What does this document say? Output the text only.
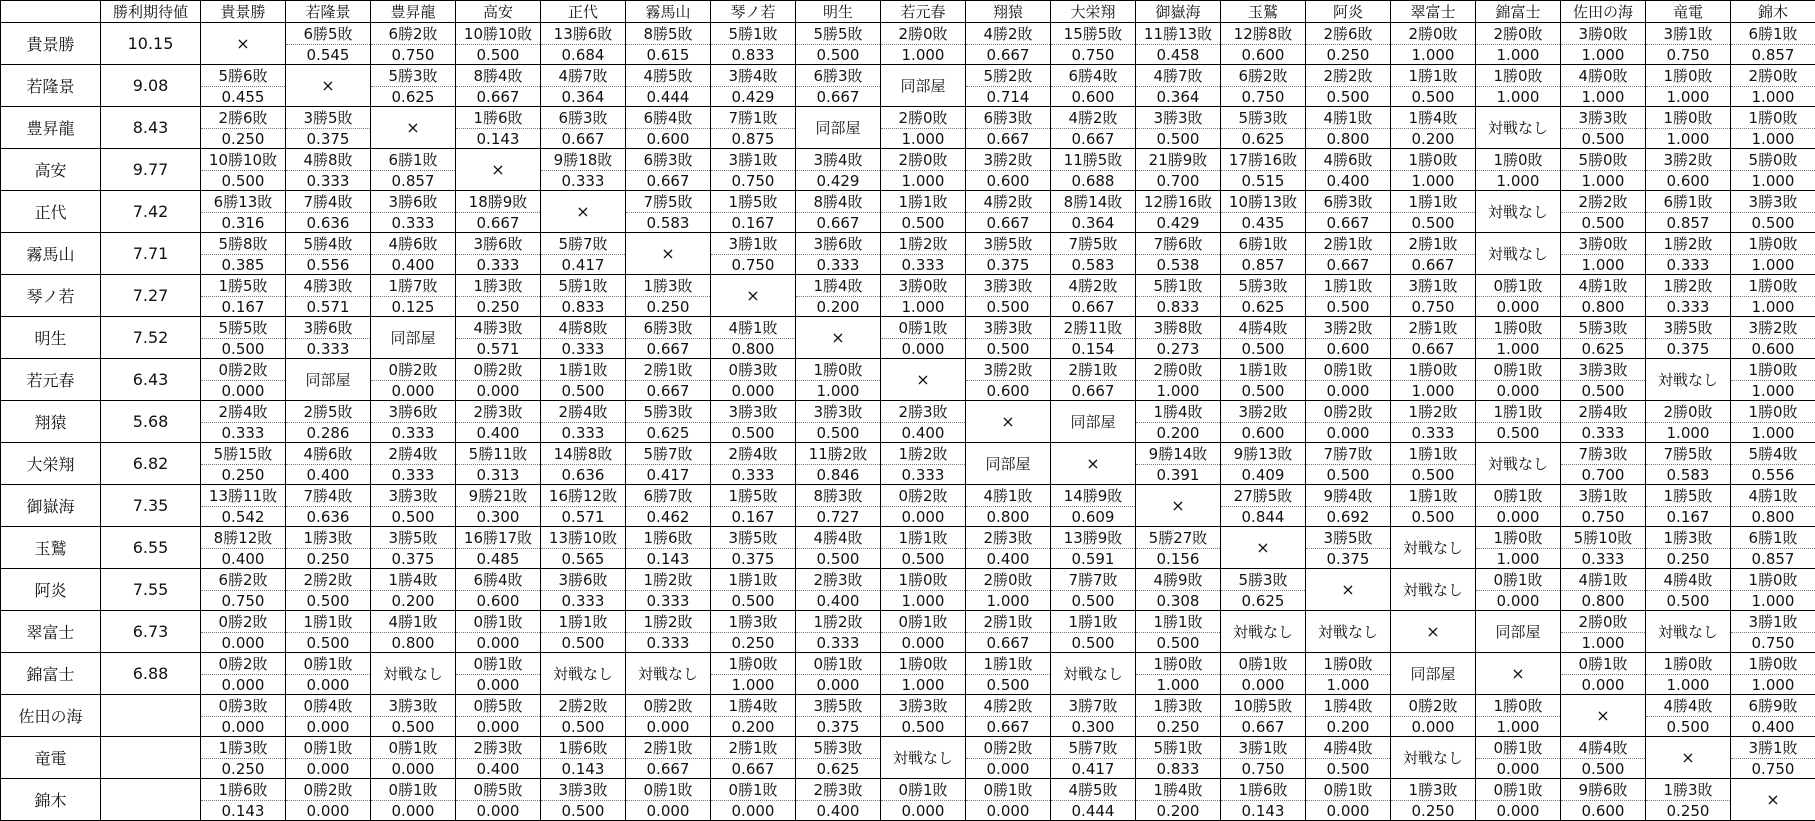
	勝利期待値	貴景勝	若隆景	豊昇龍	高安	正代	霧馬山	琴ノ若	明生	若元春	翔猿	大栄翔	御嶽海	玉鷲	阿炎	翠富士	錦富士	佐田の海	竜電	錦木
貴景勝	10.15	×	6勝5敗	6勝2敗	10勝10敗	13勝6敗	8勝5敗	5勝1敗	5勝5敗	2勝0敗	4勝2敗	15勝5敗	11勝13敗	12勝8敗	2勝6敗	2勝0敗	2勝0敗	3勝0敗	3勝1敗	6勝1敗
			0.545	0.750	0.500	0.684	0.615	0.833	0.500	1.000	0.667	0.750	0.458	0.600	0.250	1.000	1.000	1.000	0.750	0.857
若隆景	9.08	5勝6敗	×	5勝3敗	8勝4敗	4勝7敗	4勝5敗	3勝4敗	6勝3敗	同部屋	5勝2敗	6勝4敗	4勝7敗	6勝2敗	2勝2敗	1勝1敗	1勝0敗	4勝0敗	1勝0敗	2勝0敗
		0.455		0.625	0.667	0.364	0.444	0.429	0.667		0.714	0.600	0.364	0.750	0.500	0.500	1.000	1.000	1.000	1.000
豊昇龍	8.43	2勝6敗	3勝5敗	×	1勝6敗	6勝3敗	6勝4敗	7勝1敗	同部屋	2勝0敗	6勝3敗	4勝2敗	3勝3敗	5勝3敗	4勝1敗	1勝4敗	対戦なし	3勝3敗	1勝0敗	1勝0敗
		0.250	0.375		0.143	0.667	0.600	0.875		1.000	0.667	0.667	0.500	0.625	0.800	0.200		0.500	1.000	1.000
高安	9.77	10勝10敗	4勝8敗	6勝1敗	×	9勝18敗	6勝3敗	3勝1敗	3勝4敗	2勝0敗	3勝2敗	11勝5敗	21勝9敗	17勝16敗	4勝6敗	1勝0敗	1勝0敗	5勝0敗	3勝2敗	5勝0敗
		0.500	0.333	0.857		0.333	0.667	0.750	0.429	1.000	0.600	0.688	0.700	0.515	0.400	1.000	1.000	1.000	0.600	1.000
正代	7.42	6勝13敗	7勝4敗	3勝6敗	18勝9敗	×	7勝5敗	1勝5敗	8勝4敗	1勝1敗	4勝2敗	8勝14敗	12勝16敗	10勝13敗	6勝3敗	1勝1敗	対戦なし	2勝2敗	6勝1敗	3勝3敗
		0.316	0.636	0.333	0.667		0.583	0.167	0.667	0.500	0.667	0.364	0.429	0.435	0.667	0.500		0.500	0.857	0.500
霧馬山	7.71	5勝8敗	5勝4敗	4勝6敗	3勝6敗	5勝7敗	×	3勝1敗	3勝6敗	1勝2敗	3勝5敗	7勝5敗	7勝6敗	6勝1敗	2勝1敗	2勝1敗	対戦なし	3勝0敗	1勝2敗	1勝0敗
		0.385	0.556	0.400	0.333	0.417		0.750	0.333	0.333	0.375	0.583	0.538	0.857	0.667	0.667		1.000	0.333	1.000
琴ノ若	7.27	1勝5敗	4勝3敗	1勝7敗	1勝3敗	5勝1敗	1勝3敗	×	1勝4敗	3勝0敗	3勝3敗	4勝2敗	5勝1敗	5勝3敗	1勝1敗	3勝1敗	0勝1敗	4勝1敗	1勝2敗	1勝0敗
		0.167	0.571	0.125	0.250	0.833	0.250		0.200	1.000	0.500	0.667	0.833	0.625	0.500	0.750	0.000	0.800	0.333	1.000
明生	7.52	5勝5敗	3勝6敗	同部屋	4勝3敗	4勝8敗	6勝3敗	4勝1敗	×	0勝1敗	3勝3敗	2勝11敗	3勝8敗	4勝4敗	3勝2敗	2勝1敗	1勝0敗	5勝3敗	3勝5敗	3勝2敗
		0.500	0.333		0.571	0.333	0.667	0.800		0.000	0.500	0.154	0.273	0.500	0.600	0.667	1.000	0.625	0.375	0.600
若元春	6.43	0勝2敗	同部屋	0勝2敗	0勝2敗	1勝1敗	2勝1敗	0勝3敗	1勝0敗	×	3勝2敗	2勝1敗	2勝0敗	1勝1敗	0勝1敗	1勝0敗	0勝1敗	3勝3敗	対戦なし	1勝0敗
		0.000		0.000	0.000	0.500	0.667	0.000	1.000		0.600	0.667	1.000	0.500	0.000	1.000	0.000	0.500		1.000
翔猿	5.68	2勝4敗	2勝5敗	3勝6敗	2勝3敗	2勝4敗	5勝3敗	3勝3敗	3勝3敗	2勝3敗	×	同部屋	1勝4敗	3勝2敗	0勝2敗	1勝2敗	1勝1敗	2勝4敗	2勝0敗	1勝0敗
		0.333	0.286	0.333	0.400	0.333	0.625	0.500	0.500	0.400			0.200	0.600	0.000	0.333	0.500	0.333	1.000	1.000
大栄翔	6.82	5勝15敗	4勝6敗	2勝4敗	5勝11敗	14勝8敗	5勝7敗	2勝4敗	11勝2敗	1勝2敗	同部屋	×	9勝14敗	9勝13敗	7勝7敗	1勝1敗	対戦なし	7勝3敗	7勝5敗	5勝4敗
		0.250	0.400	0.333	0.313	0.636	0.417	0.333	0.846	0.333			0.391	0.409	0.500	0.500		0.700	0.583	0.556
御嶽海	7.35	13勝11敗	7勝4敗	3勝3敗	9勝21敗	16勝12敗	6勝7敗	1勝5敗	8勝3敗	0勝2敗	4勝1敗	14勝9敗	×	27勝5敗	9勝4敗	1勝1敗	0勝1敗	3勝1敗	1勝5敗	4勝1敗
		0.542	0.636	0.500	0.300	0.571	0.462	0.167	0.727	0.000	0.800	0.609		0.844	0.692	0.500	0.000	0.750	0.167	0.800
玉鷲	6.55	8勝12敗	1勝3敗	3勝5敗	16勝17敗	13勝10敗	1勝6敗	3勝5敗	4勝4敗	1勝1敗	2勝3敗	13勝9敗	5勝27敗	×	3勝5敗	対戦なし	1勝0敗	5勝10敗	1勝3敗	6勝1敗
		0.400	0.250	0.375	0.485	0.565	0.143	0.375	0.500	0.500	0.400	0.591	0.156		0.375		1.000	0.333	0.250	0.857
阿炎	7.55	6勝2敗	2勝2敗	1勝4敗	6勝4敗	3勝6敗	1勝2敗	1勝1敗	2勝3敗	1勝0敗	2勝0敗	7勝7敗	4勝9敗	5勝3敗	×	対戦なし	0勝1敗	4勝1敗	4勝4敗	1勝0敗
		0.750	0.500	0.200	0.600	0.333	0.333	0.500	0.400	1.000	1.000	0.500	0.308	0.625			0.000	0.800	0.500	1.000
翠富士	6.73	0勝2敗	1勝1敗	4勝1敗	0勝1敗	1勝1敗	1勝2敗	1勝3敗	1勝2敗	0勝1敗	2勝1敗	1勝1敗	1勝1敗	対戦なし	対戦なし	×	同部屋	2勝0敗	対戦なし	3勝1敗
		0.000	0.500	0.800	0.000	0.500	0.333	0.250	0.333	0.000	0.667	0.500	0.500					1.000		0.750
錦富士	6.88	0勝2敗	0勝1敗	対戦なし	0勝1敗	対戦なし	対戦なし	1勝0敗	0勝1敗	1勝0敗	1勝1敗	対戦なし	1勝0敗	0勝1敗	1勝0敗	同部屋	×	0勝1敗	1勝0敗	1勝0敗
		0.000	0.000		0.000			1.000	0.000	1.000	0.500		1.000	0.000	1.000			0.000	1.000	1.000
佐田の海		0勝3敗	0勝4敗	3勝3敗	0勝5敗	2勝2敗	0勝2敗	1勝4敗	3勝5敗	3勝3敗	4勝2敗	3勝7敗	1勝3敗	10勝5敗	1勝4敗	0勝2敗	1勝0敗	×	4勝4敗	6勝9敗
		0.000	0.000	0.500	0.000	0.500	0.000	0.200	0.375	0.500	0.667	0.300	0.250	0.667	0.200	0.000	1.000		0.500	0.400
竜電		1勝3敗	0勝1敗	0勝1敗	2勝3敗	1勝6敗	2勝1敗	2勝1敗	5勝3敗	対戦なし	0勝2敗	5勝7敗	5勝1敗	3勝1敗	4勝4敗	対戦なし	0勝1敗	4勝4敗	×	3勝1敗
		0.250	0.000	0.000	0.400	0.143	0.667	0.667	0.625		0.000	0.417	0.833	0.750	0.500		0.000	0.500		0.750
錦木		1勝6敗	0勝2敗	0勝1敗	0勝5敗	3勝3敗	0勝1敗	0勝1敗	2勝3敗	0勝1敗	0勝1敗	4勝5敗	1勝4敗	1勝6敗	0勝1敗	1勝3敗	0勝1敗	9勝6敗	1勝3敗	×
		0.143	0.000	0.000	0.000	0.500	0.000	0.000	0.400	0.000	0.000	0.444	0.200	0.143	0.000	0.250	0.000	0.600	0.250	
